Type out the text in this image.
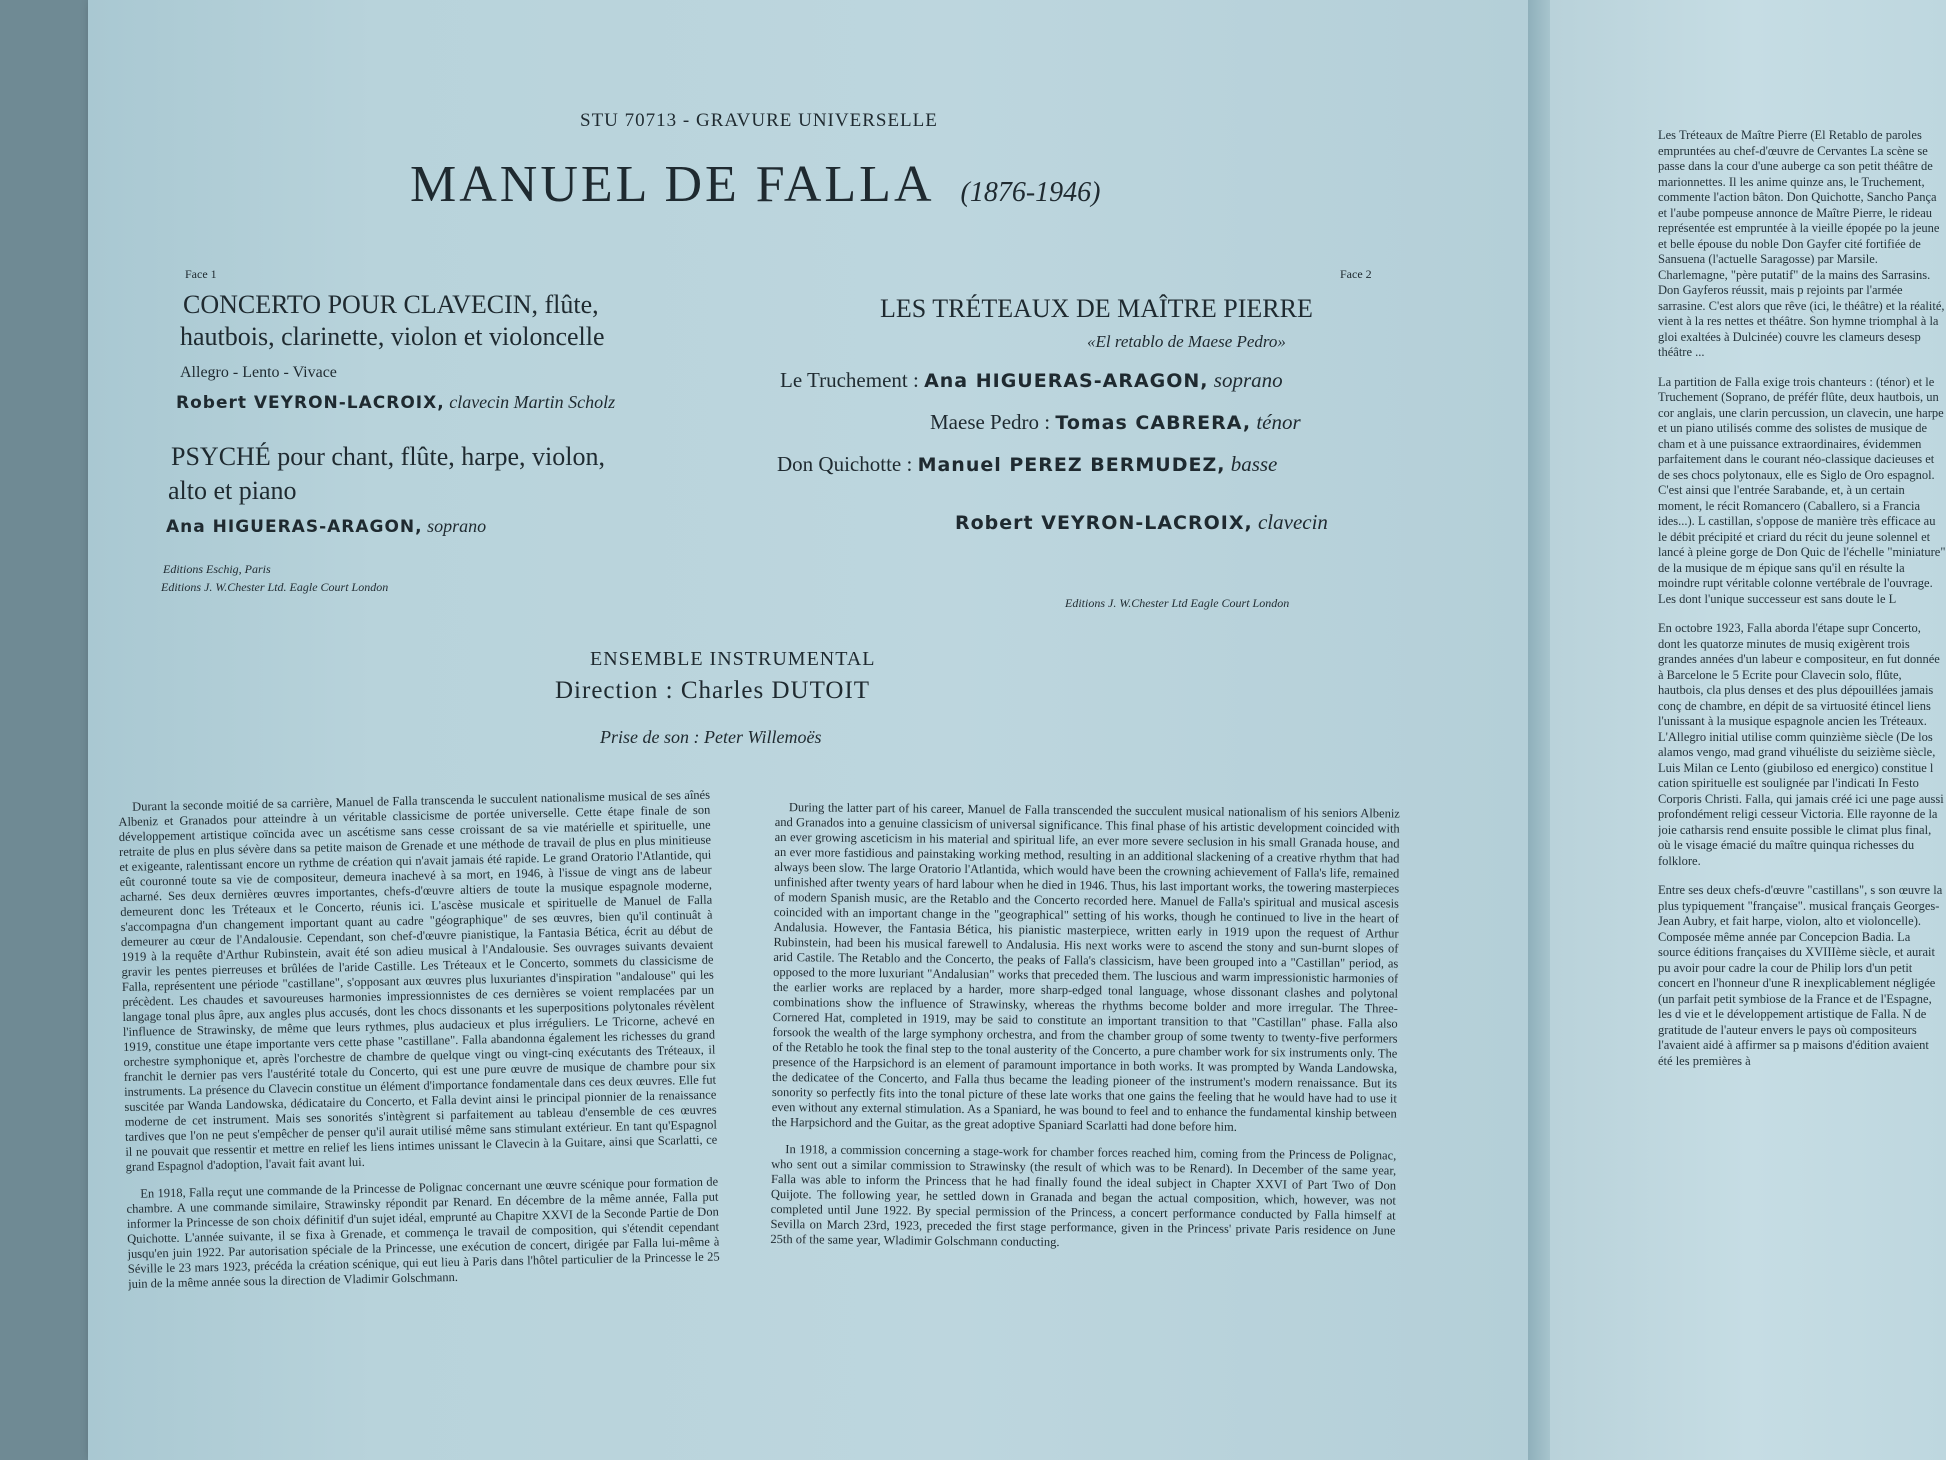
STU 70713 - GRAVURE UNIVERSELLE
MANUEL DE FALLA (1876-1946)
Face 1
CONCERTO POUR CLAVECIN, flûte,
hautbois, clarinette, violon et violoncelle
Allegro - Lento - Vivace
Robert VEYRON-LACROIX, clavecin Martin Scholz
PSYCHÉ pour chant, flûte, harpe, violon,
alto et piano
Ana HIGUERAS-ARAGON, soprano
Editions Eschig, Paris
Editions J. W.Chester Ltd. Eagle Court London
Face 2
LES TRÉTEAUX DE MAÎTRE PIERRE
«El retablo de Maese Pedro»
Le Truchement : Ana HIGUERAS-ARAGON, soprano
Maese Pedro : Tomas CABRERA, ténor
Don Quichotte : Manuel PEREZ BERMUDEZ, basse
Robert VEYRON-LACROIX, clavecin
Editions J. W.Chester Ltd Eagle Court London
ENSEMBLE INSTRUMENTAL
Direction : Charles DUTOIT
Prise de son : Peter Willemoës

Durant la seconde moitié de sa carrière, Manuel de Falla transcenda le succulent nationalisme musical de ses aînés Albeniz et Granados pour atteindre à un véritable classicisme de portée universelle. Cette étape finale de son développement artistique coïncida avec un ascétisme sans cesse croissant de sa vie matérielle et spirituelle, une retraite de plus en plus sévère dans sa petite maison de Grenade et une méthode de travail de plus en plus minitieuse et exigeante, ralentissant encore un rythme de création qui n'avait jamais été rapide. Le grand Oratorio l'Atlantide, qui eût couronné toute sa vie de compositeur, demeura inachevé à sa mort, en 1946, à l'issue de vingt ans de labeur acharné. Ses deux dernières œuvres importantes, chefs-d'œuvre altiers de toute la musique espagnole moderne, demeurent donc les Tréteaux et le Concerto, réunis ici. L'ascèse musicale et spirituelle de Manuel de Falla s'accompagna d'un changement important quant au cadre "géographique" de ses œuvres, bien qu'il continuât à demeurer au cœur de l'Andalousie. Cependant, son chef-d'œuvre pianistique, la Fantasia Bética, écrit au début de 1919 à la requête d'Arthur Rubinstein, avait été son adieu musical à l'Andalousie. Ses ouvrages suivants devaient gravir les pentes pierreuses et brûlées de l'aride Castille. Les Tréteaux et le Concerto, sommets du classicisme de Falla, représentent une période "castillane", s'opposant aux œuvres plus luxuriantes d'inspiration "andalouse" qui les précèdent. Les chaudes et savoureuses harmonies impressionnistes de ces dernières se voient remplacées par un langage tonal plus âpre, aux angles plus accusés, dont les chocs dissonants et les superpositions polytonales révèlent l'influence de Strawinsky, de même que leurs rythmes, plus audacieux et plus irréguliers. Le Tricorne, achevé en 1919, constitue une étape importante vers cette phase "castillane". Falla abandonna également les richesses du grand orchestre symphonique et, après l'orchestre de chambre de quelque vingt ou vingt-cinq exécutants des Tréteaux, il franchit le dernier pas vers l'austérité totale du Concerto, qui est une pure œuvre de musique de chambre pour six instruments. La présence du Clavecin constitue un élément d'importance fondamentale dans ces deux œuvres. Elle fut suscitée par Wanda Landowska, dédicataire du Concerto, et Falla devint ainsi le principal pionnier de la renaissance moderne de cet instrument. Mais ses sonorités s'intègrent si parfaitement au tableau d'ensemble de ces œuvres tardives que l'on ne peut s'empêcher de penser qu'il aurait utilisé même sans stimulant extérieur. En tant qu'Espagnol il ne pouvait que ressentir et mettre en relief les liens intimes unissant le Clavecin à la Guitare, ainsi que Scarlatti, ce grand Espagnol d'adoption, l'avait fait avant lui.

En 1918, Falla reçut une commande de la Princesse de Polignac concernant une œuvre scénique pour formation de chambre. A une commande similaire, Strawinsky répondit par Renard. En décembre de la même année, Falla put informer la Princesse de son choix définitif d'un sujet idéal, emprunté au Chapitre XXVI de la Seconde Partie de Don Quichotte. L'année suivante, il se fixa à Grenade, et commença le travail de composition, qui s'étendit cependant jusqu'en juin 1922. Par autorisation spéciale de la Princesse, une exécution de concert, dirigée par Falla lui-même à Séville le 23 mars 1923, précéda la création scénique, qui eut lieu à Paris dans l'hôtel particulier de la Princesse le 25 juin de la même année sous la direction de Vladimir Golschmann.

During the latter part of his career, Manuel de Falla transcended the succulent musical nationalism of his seniors Albeniz and Granados into a genuine classicism of universal significance. This final phase of his artistic development coincided with an ever growing asceticism in his material and spiritual life, an ever more severe seclusion in his small Granada house, and an ever more fastidious and painstaking working method, resulting in an additional slackening of a creative rhythm that had always been slow. The large Oratorio l'Atlantida, which would have been the crowning achievement of Falla's life, remained unfinished after twenty years of hard labour when he died in 1946. Thus, his last important works, the towering masterpieces of modern Spanish music, are the Retablo and the Concerto recorded here. Manuel de Falla's spiritual and musical ascesis coincided with an important change in the "geographical" setting of his works, though he continued to live in the heart of Andalusia. However, the Fantasia Bética, his pianistic masterpiece, written early in 1919 upon the request of Arthur Rubinstein, had been his musical farewell to Andalusia. His next works were to ascend the stony and sun-burnt slopes of arid Castile. The Retablo and the Concerto, the peaks of Falla's classicism, have been grouped into a "Castillan" period, as opposed to the more luxuriant "Andalusian" works that preceded them. The luscious and warm impressionistic harmonies of the earlier works are replaced by a harder, more sharp-edged tonal language, whose dissonant clashes and polytonal combinations show the influence of Strawinsky, whereas the rhythms become bolder and more irregular. The Three-Cornered Hat, completed in 1919, may be said to constitute an important transition to that "Castillan" phase. Falla also forsook the wealth of the large symphony orchestra, and from the chamber group of some twenty to twenty-five performers of the Retablo he took the final step to the tonal austerity of the Concerto, a pure chamber work for six instruments only. The presence of the Harpsichord is an element of paramount importance in both works. It was prompted by Wanda Landowska, the dedicatee of the Concerto, and Falla thus became the leading pioneer of the instrument's modern renaissance. But its sonority so perfectly fits into the tonal picture of these late works that one gains the feeling that he would have had to use it even without any external stimulation. As a Spaniard, he was bound to feel and to enhance the fundamental kinship between the Harpsichord and the Guitar, as the great adoptive Spaniard Scarlatti had done before him.

In 1918, a commission concerning a stage-work for chamber forces reached him, coming from the Princess de Polignac, who sent out a similar commission to Strawinsky (the result of which was to be Renard). In December of the same year, Falla was able to inform the Princess that he had finally found the ideal subject in Chapter XXVI of Part Two of Don Quijote. The following year, he settled down in Granada and began the actual composition, which, however, was not completed until June 1922. By special permission of the Princess, a concert performance conducted by Falla himself at Sevilla on March 23rd, 1923, preceded the first stage performance, given in the Princess' private Paris residence on June 25th of the same year, Wladimir Golschmann conducting.

Les Tréteaux de Maître Pierre (El Retablo de paroles empruntées au chef-d'œuvre de Cervantes La scène se passe dans la cour d'une auberge ca son petit théâtre de marionnettes. Il les anime quinze ans, le Truchement, commente l'action bâton. Don Quichotte, Sancho Pança et l'aube pompeuse annonce de Maître Pierre, le rideau représentée est empruntée à la vieille épopée po la jeune et belle épouse du noble Don Gayfer cité fortifiée de Sansuena (l'actuelle Saragosse) par Marsile. Charlemagne, "père putatif" de la mains des Sarrasins. Don Gayferos réussit, mais p rejoints par l'armée sarrasine. C'est alors que rêve (ici, le théâtre) et la réalité, vient à la res nettes et théâtre. Son hymne triomphal à la gloi exaltées à Dulcinée) couvre les clameurs desesp théâtre ...

La partition de Falla exige trois chanteurs : (ténor) et le Truchement (Soprano, de préfér flûte, deux hautbois, un cor anglais, une clarin percussion, un clavecin, une harpe et un piano utilisés comme des solistes de musique de cham et à une puissance extraordinaires, évidemmen parfaitement dans le courant néo-classique dacieuses et de ses chocs polytonaux, elle es Siglo de Oro espagnol. C'est ainsi que l'entrée Sarabande, et, à un certain moment, le récit Romancero (Caballero, si a Francia ides...). L castillan, s'oppose de manière très efficace au le débit précipité et criard du récit du jeune solennel et lancé à pleine gorge de Don Quic de l'échelle "miniature" de la musique de m épique sans qu'il en résulte la moindre rupt véritable colonne vertébrale de l'ouvrage. Les dont l'unique successeur est sans doute le L

En octobre 1923, Falla aborda l'étape supr Concerto, dont les quatorze minutes de musiq exigèrent trois grandes années d'un labeur e compositeur, en fut donnée à Barcelone le 5 Ecrite pour Clavecin solo, flûte, hautbois, cla plus denses et des plus dépouillées jamais conç de chambre, en dépit de sa virtuosité étincel liens l'unissant à la musique espagnole ancien les Tréteaux. L'Allegro initial utilise comm quinzième siècle (De los alamos vengo, mad grand vihuéliste du seizième siècle, Luis Milan ce Lento (giubiloso ed energico) constitue l cation spirituelle est soulignée par l'indicati In Festo Corporis Christi. Falla, qui jamais créé ici une page aussi profondément religi cesseur Victoria. Elle rayonne de la joie catharsis rend ensuite possible le climat plus final, où le visage émacié du maître quinqua richesses du folklore.

Entre ses deux chefs-d'œuvre "castillans", s son œuvre la plus typiquement "française". musical français Georges-Jean Aubry, et fait harpe, violon, alto et violoncelle). Composée même année par Concepcion Badia. La source éditions françaises du XVIIIème siècle, et aurait pu avoir pour cadre la cour de Philip lors d'un petit concert en l'honneur d'une R inexplicablement négligée (un parfait petit symbiose de la France et de l'Espagne, les d vie et le développement artistique de Falla. N de gratitude de l'auteur envers le pays où compositeurs l'avaient aidé à affirmer sa p maisons d'édition avaient été les premières à
